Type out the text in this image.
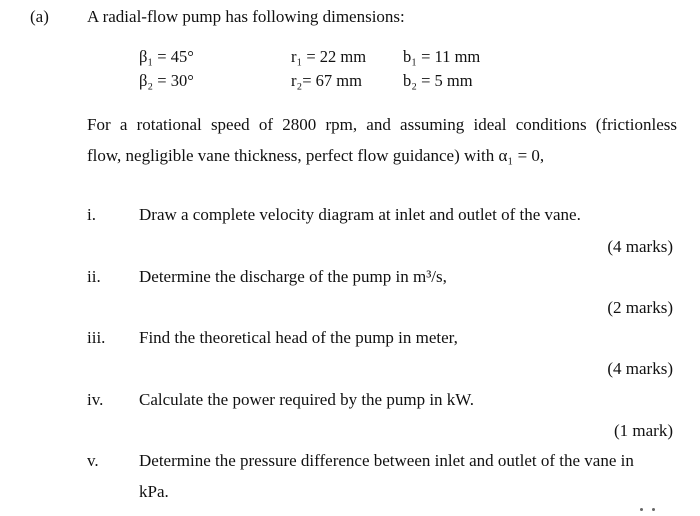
(a) A radial-flow pump has following dimensions:
β₁ = 45°
β₂ = 30°
r₁ = 22 mm
r₂= 67 mm
b₁ = 11 mm
b₂ = 5 mm
For a rotational speed of 2800 rpm, and assuming ideal conditions (frictionless
flow, negligible vane thickness, perfect flow guidance) with α₁ = 0,
i.	Draw a complete velocity diagram at inlet and outlet of the vane.
(4 marks)
ii. Determine the discharge of the pump in m³/s,
(2 marks)
iii. Find the theoretical head of the pump in meter,
(4 marks)
iv. Calculate the power required by the pump in kW.
(1 mark)
v. Determine the pressure difference between inlet and outlet of the vane in
kPa.
